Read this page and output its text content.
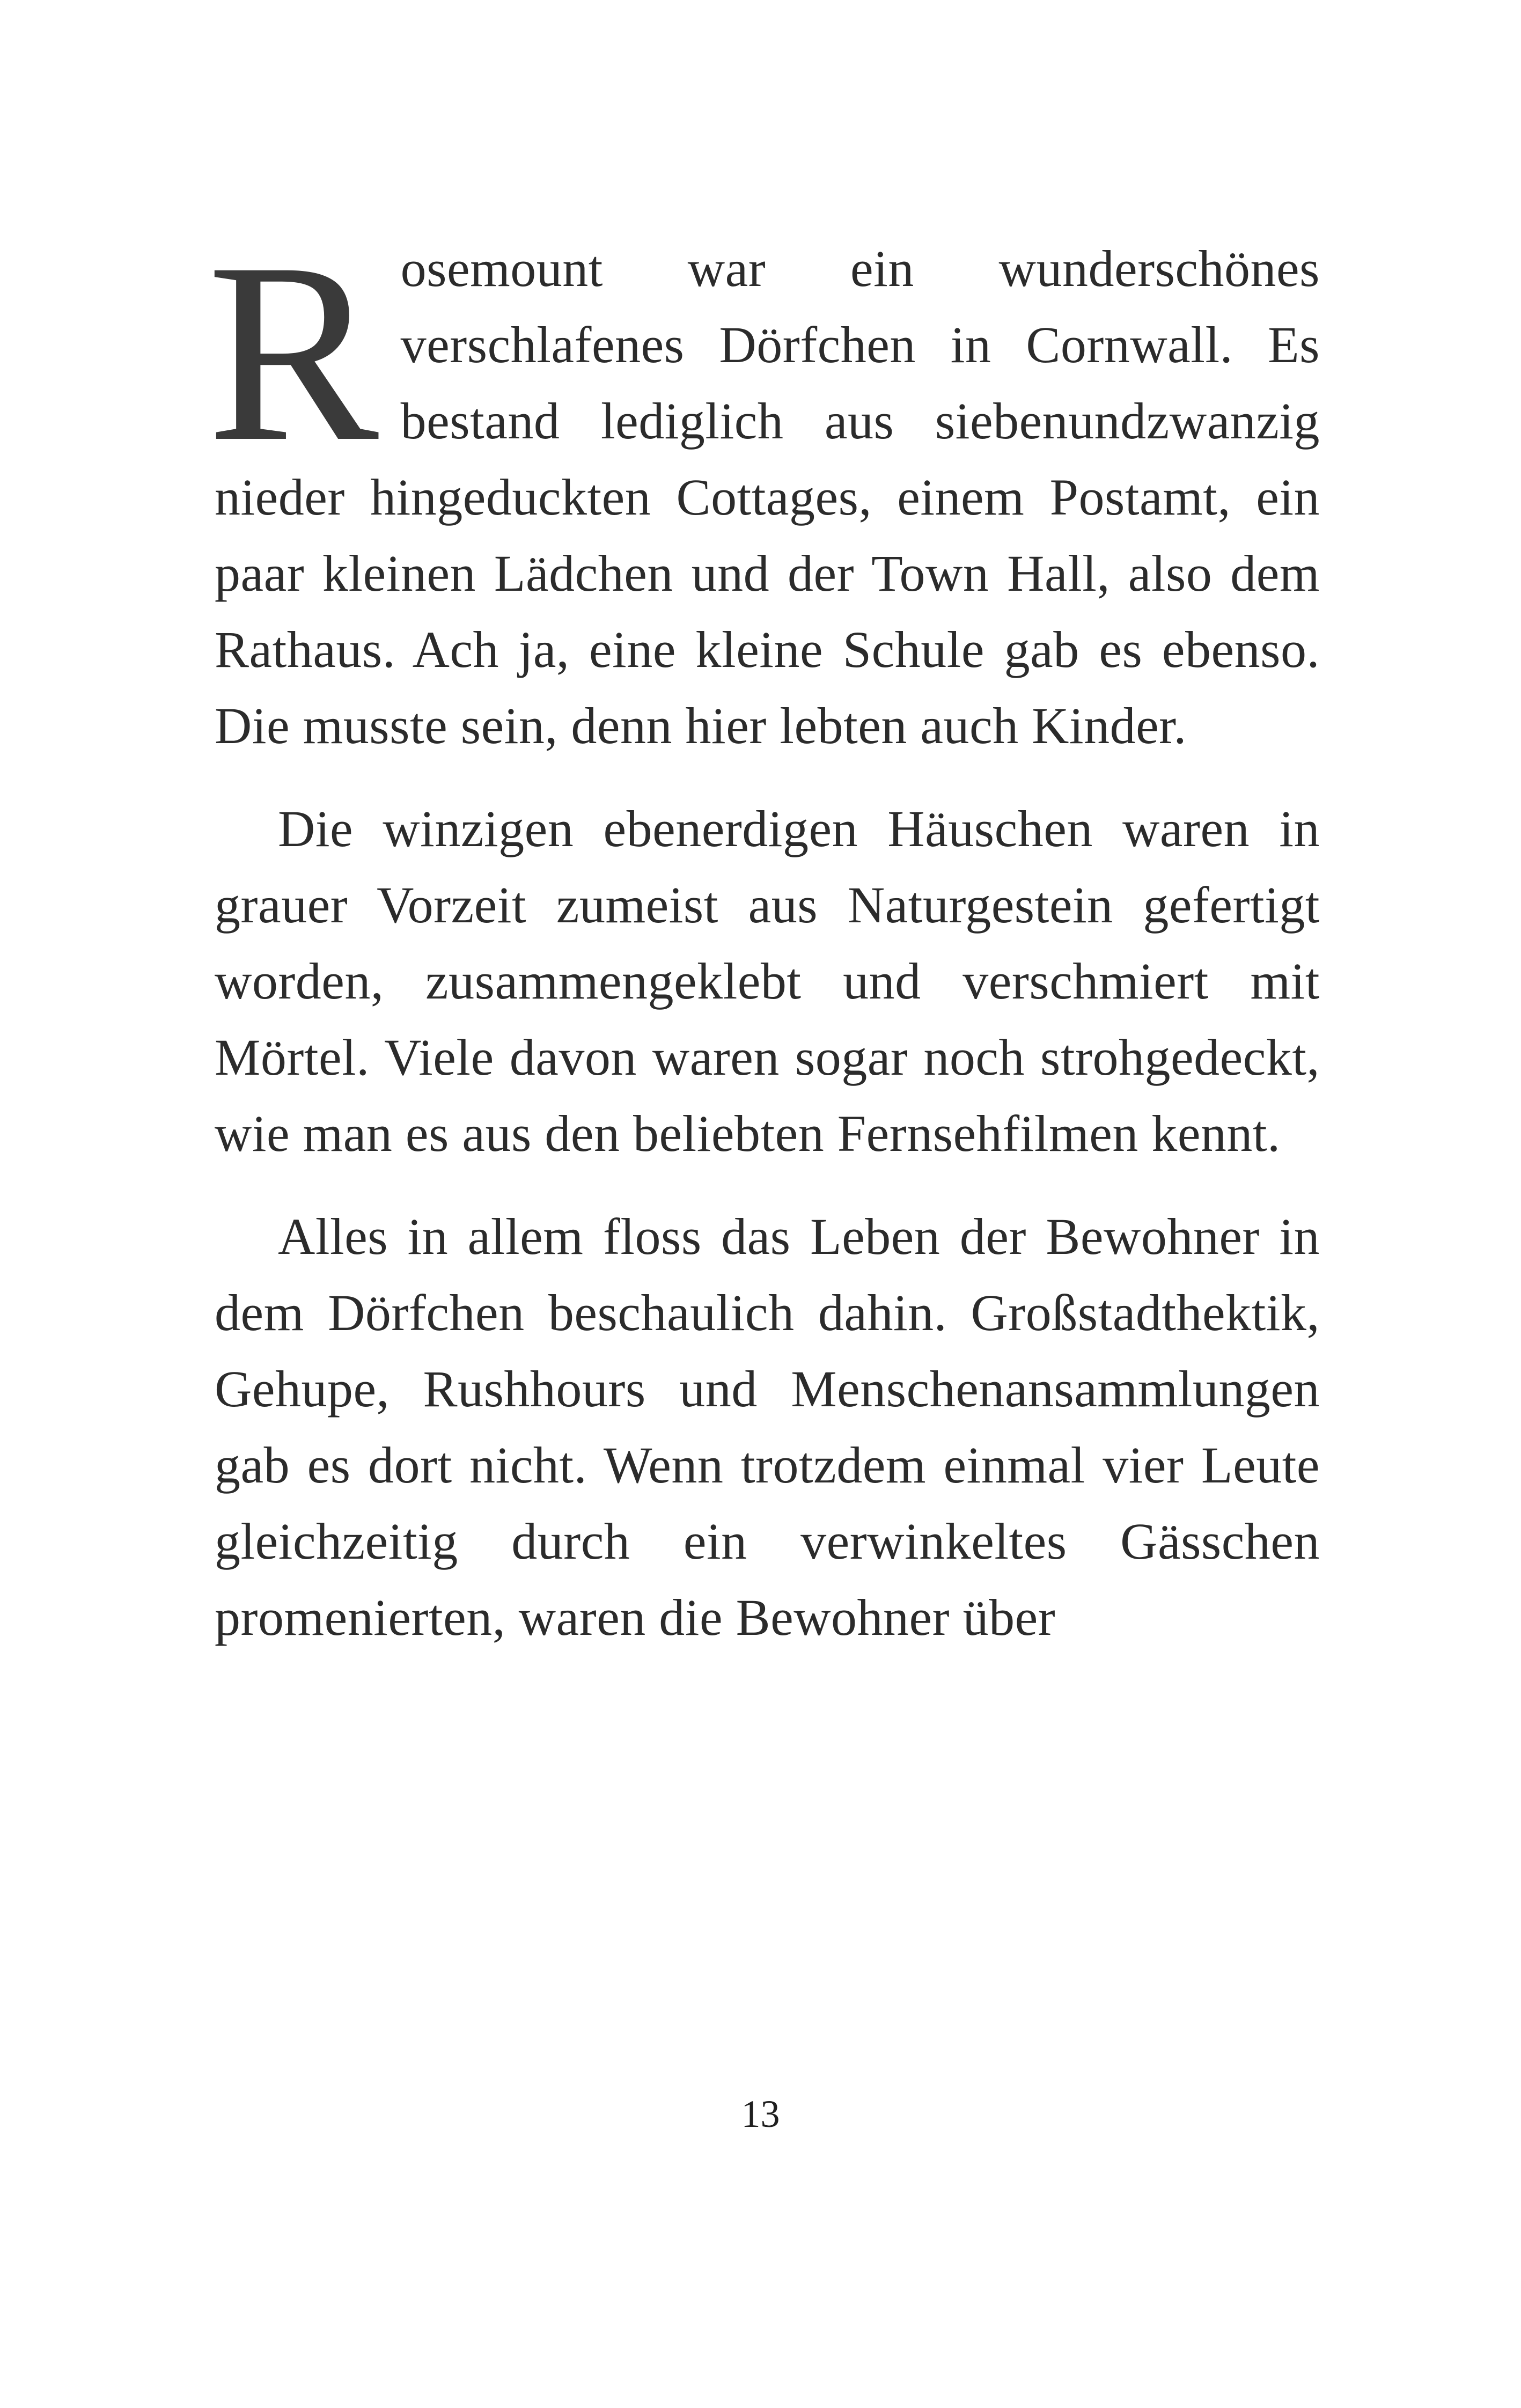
Rosemount war ein wunderschönes verschlafenes Dörfchen in Cornwall. Es bestand lediglich aus siebenundzwanzig nieder hingeduckten Cottages, einem Postamt, ein paar kleinen Lädchen und der Town Hall, also dem Rathaus. Ach ja, eine kleine Schule gab es ebenso. Die musste sein, denn hier lebten auch Kinder.

Die winzigen ebenerdigen Häuschen waren in grauer Vorzeit zumeist aus Naturgestein gefertigt worden, zusammengeklebt und verschmiert mit Mörtel. Viele davon waren sogar noch strohgedeckt, wie man es aus den beliebten Fernsehfilmen kennt.

Alles in allem floss das Leben der Bewohner in dem Dörfchen beschaulich dahin. Großstadthektik, Gehupe, Rushhours und Menschenansammlungen gab es dort nicht. Wenn trotzdem einmal vier Leute gleichzeitig durch ein verwinkeltes Gässchen promenierten, waren die Bewohner über

13
